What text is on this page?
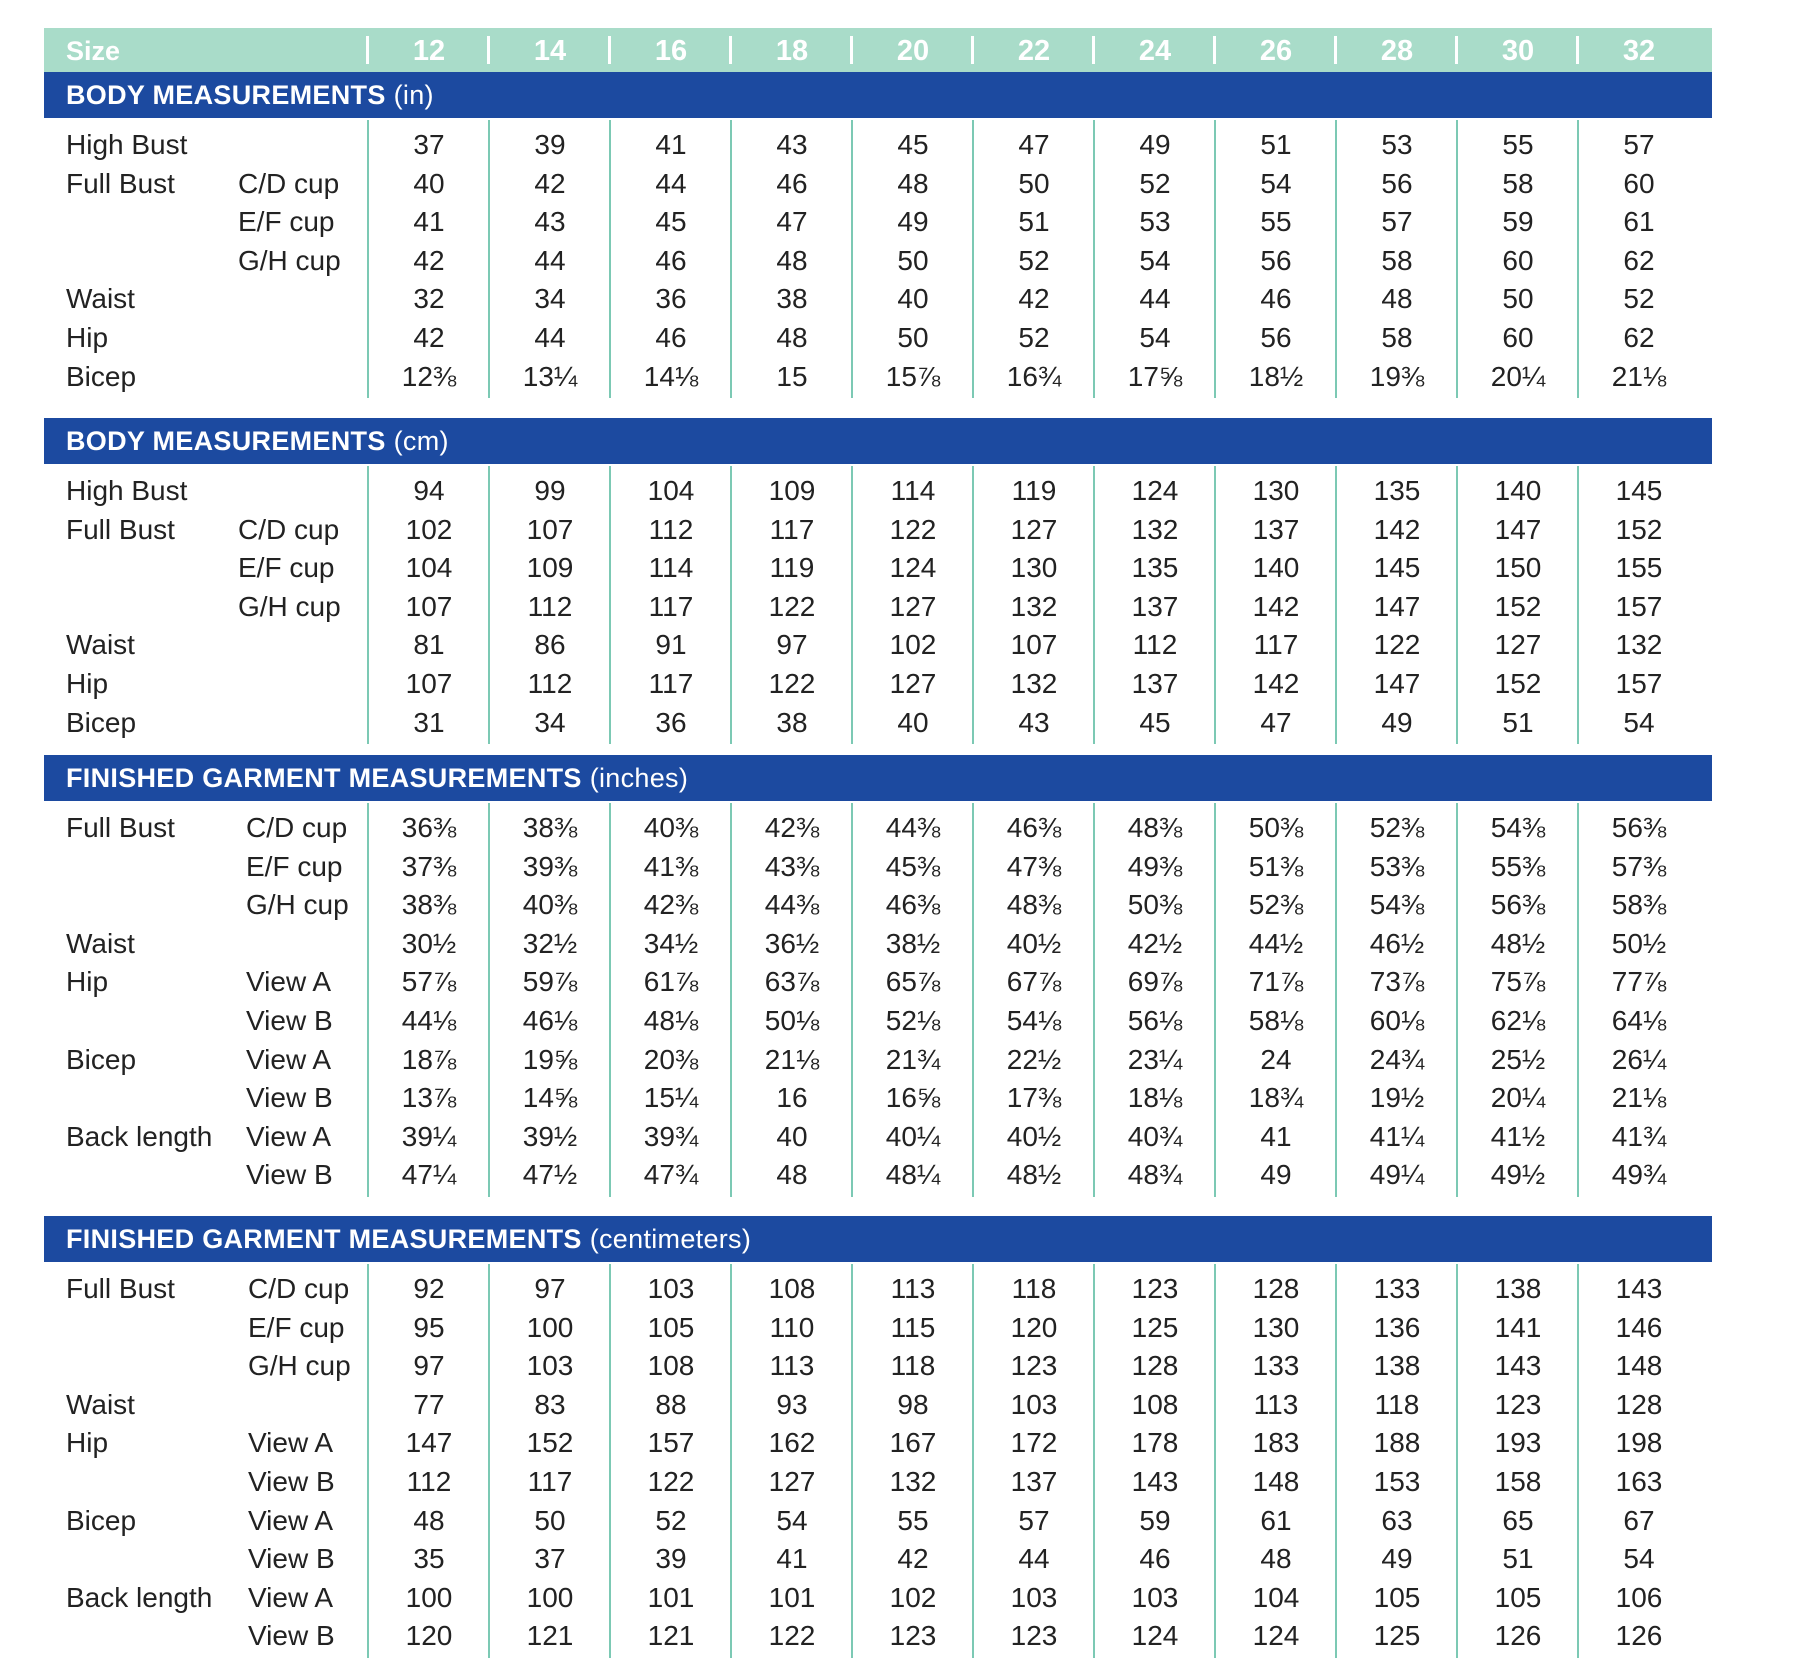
Size	12	14	16	18	20	22	24	26	28	30	32
BODY MEASUREMENTS (in)
High Bust	37	39	41	43	45	47	49	51	53	55	57
Full Bust C/D cup	40	42	44	46	48	50	52	54	56	58	60
E/F cup	41	43	45	47	49	51	53	55	57	59	61
G/H cup	42	44	46	48	50	52	54	56	58	60	62
Waist	32	34	36	38	40	42	44	46	48	50	52
Hip	42	44	46	48	50	52	54	56	58	60	62
Bicep	12⅜	13¼	14⅛	15	15⅞	16¾	17⅝	18½	19⅜	20¼	21⅛
BODY MEASUREMENTS (cm)
High Bust	94	99	104	109	114	119	124	130	135	140	145
Full Bust C/D cup	102	107	112	117	122	127	132	137	142	147	152
E/F cup	104	109	114	119	124	130	135	140	145	150	155
G/H cup	107	112	117	122	127	132	137	142	147	152	157
Waist	81	86	91	97	102	107	112	117	122	127	132
Hip	107	112	117	122	127	132	137	142	147	152	157
Bicep	31	34	36	38	40	43	45	47	49	51	54
FINISHED GARMENT MEASUREMENTS (inches)
Full Bust	C/D cup	36⅜	38⅜	40⅜	42⅜	44⅜	46⅜	48⅜	50⅜	52⅜	54⅜	56⅜
E/F cup	37⅜	39⅜	41⅜	43⅜	45⅜	47⅜	49⅜	51⅜	53⅜	55⅜	57⅜
G/H cup	38⅜	40⅜	42⅜	44⅜	46⅜	48⅜	50⅜	52⅜	54⅜	56⅜	58⅜
Waist	30½	32½	34½	36½	38½	40½	42½	44½	46½	48½	50½
Hip	View A	57⅞	59⅞	61⅞	63⅞	65⅞	67⅞	69⅞	71⅞	73⅞	75⅞	77⅞
View B	44⅛	46⅛	48⅛	50⅛	52⅛	54⅛	56⅛	58⅛	60⅛	62⅛	64⅛
Bicep	View A	18⅞	19⅝	20⅜	21⅛	21¾	22½	23¼	24	24¾	25½	26¼
View B	13⅞	14⅝	15¼	16	16⅝	17⅜	18⅛	18¾	19½	20¼	21⅛
Back length View A	39¼	39½	39¾	40	40¼	40½	40¾	41	41¼	41½	41¾
View B	47¼	47½	47¾	48	48¼	48½	48¾	49	49¼	49½	49¾
FINISHED GARMENT MEASUREMENTS (centimeters)
Full Bust	C/D cup	92	97	103	108	113	118	123	128	133	138	143
E/F cup	95	100	105	110	115	120	125	130	136	141	146
G/H cup	97	103	108	113	118	123	128	133	138	143	148
Waist	77	83	88	93	98	103	108	113	118	123	128
Hip	View A	147	152	157	162	167	172	178	183	188	193	198
View B	112	117	122	127	132	137	143	148	153	158	163
Bicep	View A	48	50	52	54	55	57	59	61	63	65	67
View B	35	37	39	41	42	44	46	48	49	51	54
Back length View A	100	100	101	101	102	103	103	104	105	105	106
View B	120	121	121	122	123	123	124	124	125	126	126
